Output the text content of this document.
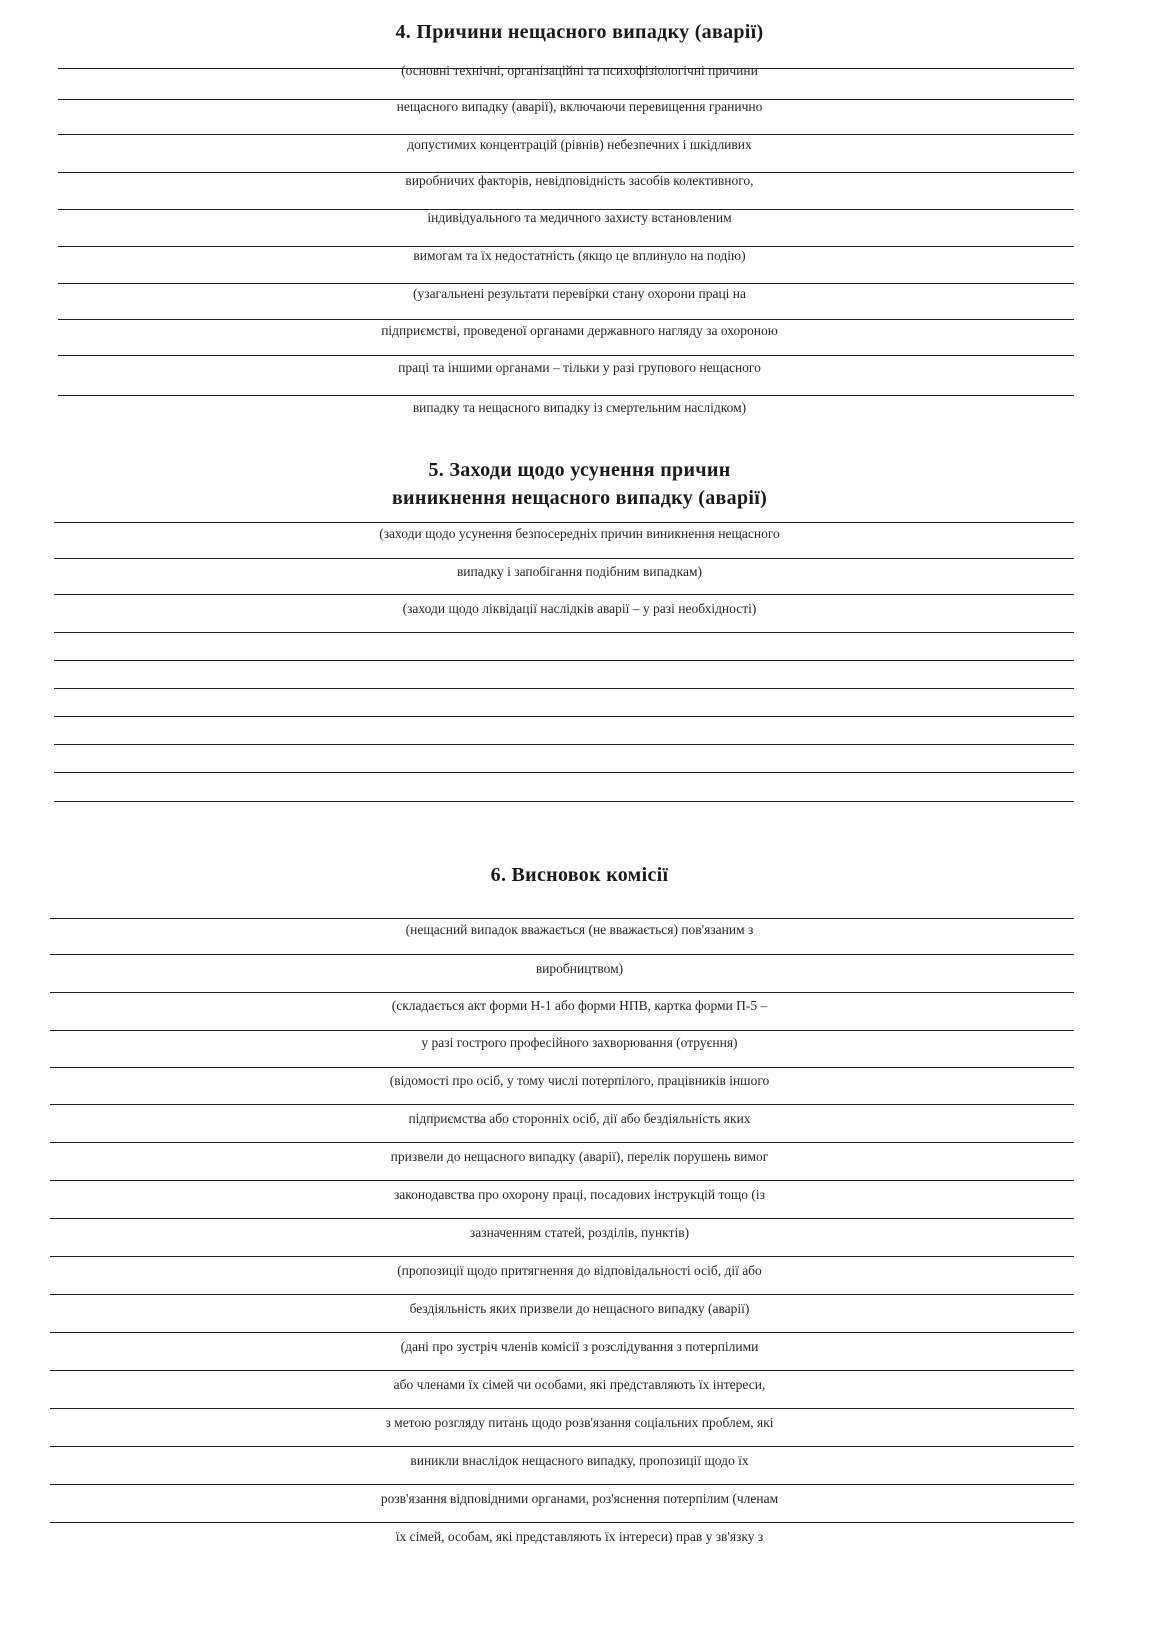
4. Причини нещасного випадку (аварії)
(основні технічні, організаційні та психофізіологічні причини
нещасного випадку (аварії), включаючи перевищення гранично
допустимих концентрацій (рівнів) небезпечних і шкідливих
виробничих факторів, невідповідність засобів колективного,
індивідуального та медичного захисту встановленим
вимогам та їх недостатність (якщо це вплинуло на подію)
(узагальнені результати перевірки стану охорони праці на
підприємстві, проведеної органами державного нагляду за охороною
праці та іншими органами – тільки у разі групового нещасного
випадку та нещасного випадку із смертельним наслідком)
5. Заходи щодо усунення причин
виникнення нещасного випадку (аварії)
(заходи щодо усунення безпосередніх причин виникнення нещасного
випадку і запобігання подібним випадкам)
(заходи щодо ліквідації наслідків аварії – у разі необхідності)
6. Висновок комісії
(нещасний випадок вважається (не вважається) пов'язаним з
виробництвом)
(складається акт форми Н-1 або форми НПВ, картка форми П-5 –
у разі гострого професійного захворювання (отруєння)
(відомості про осіб, у тому числі потерпілого, працівників іншого
підприємства або сторонніх осіб, дії або бездіяльність яких
призвели до нещасного випадку (аварії), перелік порушень вимог
законодавства про охорону праці, посадових інструкцій тощо (із
зазначенням статей, розділів, пунктів)
(пропозиції щодо притягнення до відповідальності осіб, дії або
бездіяльність яких призвели до нещасного випадку (аварії)
(дані про зустріч членів комісії з розслідування з потерпілими
або членами їх сімей чи особами, які представляють їх інтереси,
з метою розгляду питань щодо розв'язання соціальних проблем, які
виникли внаслідок нещасного випадку, пропозиції щодо їх
розв'язання відповідними органами, роз'яснення потерпілим (членам
їх сімей, особам, які представляють їх інтереси) прав у зв'язку з
